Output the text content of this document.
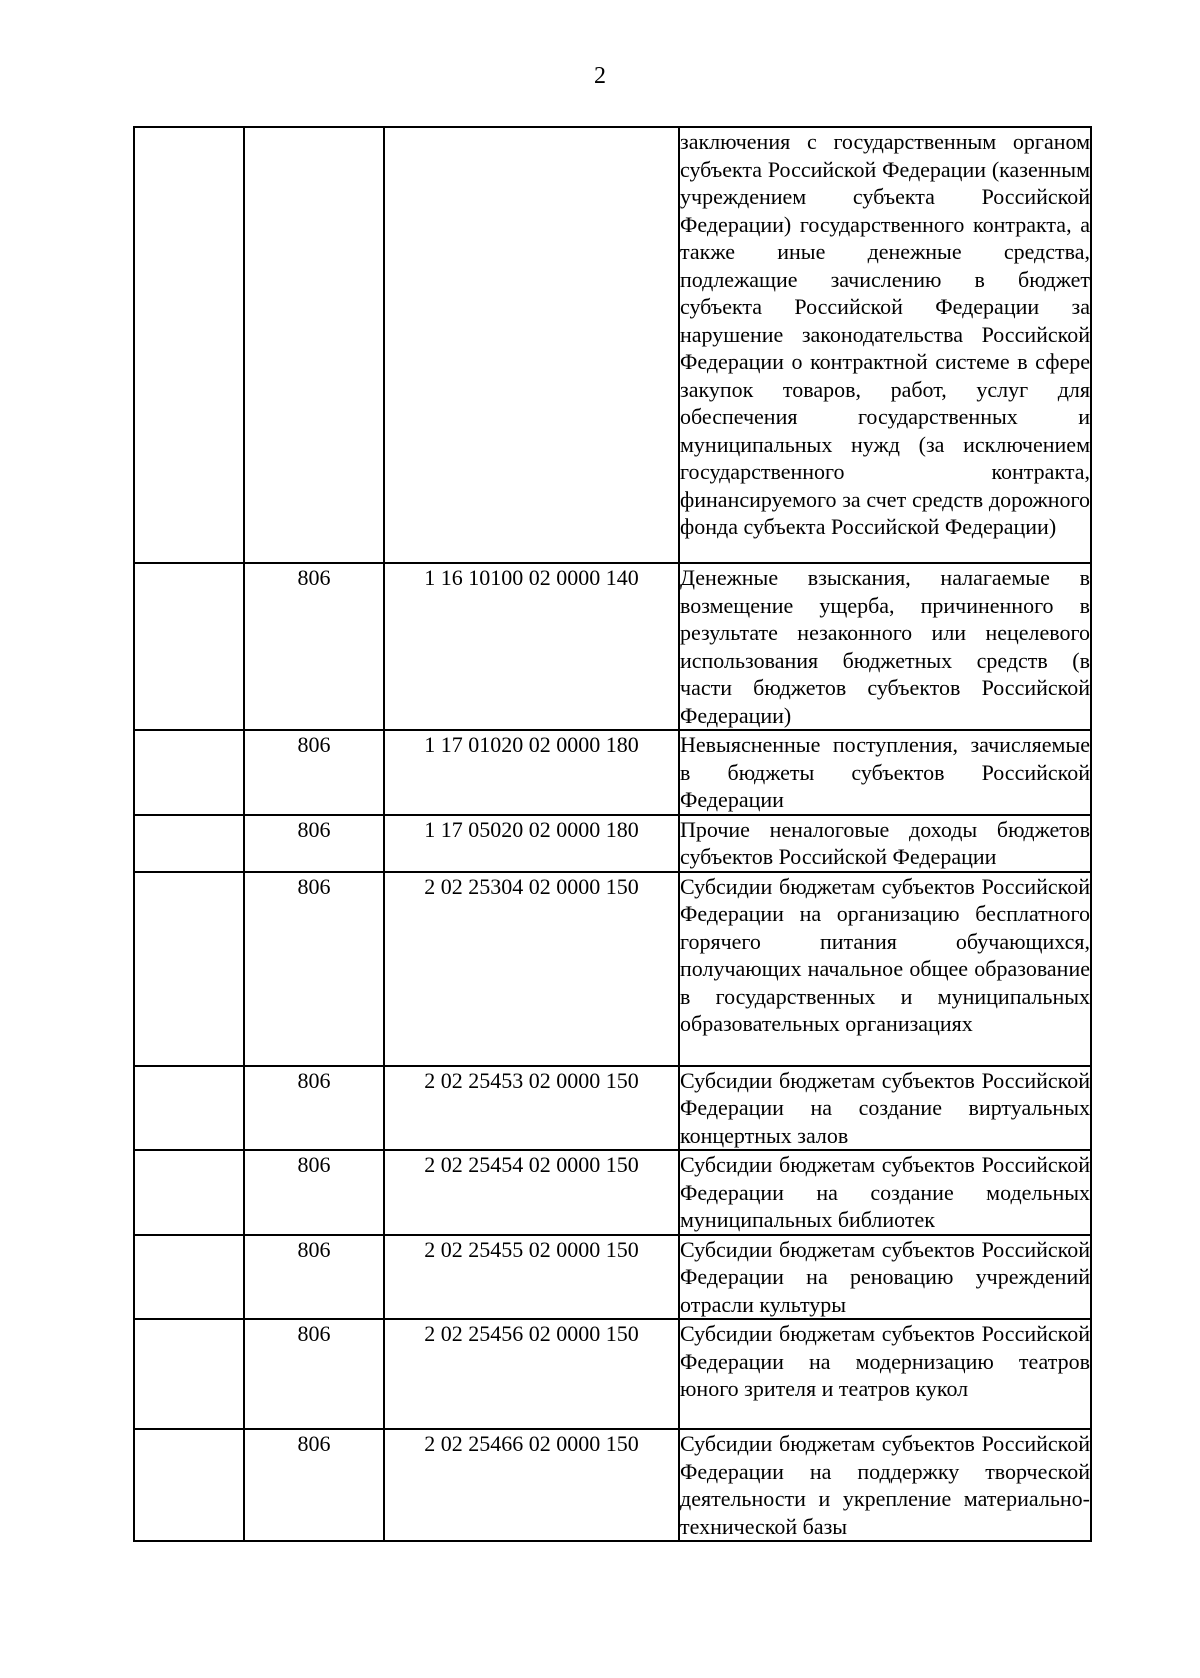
2
			заключения с государственным органом субъекта Российской Федерации (казенным учреждением субъекта Российской Федерации) государственного контракта, а также иные денежные средства, подлежащие зачислению в бюджет субъекта Российской Федерации за нарушение законодательства Российской Федерации о контрактной системе в сфере закупок товаров, работ, услуг для обеспечения государственных и муниципальных нужд (за исключением государственного контракта, финансируемого за счет средств дорожного фонда субъекта Российской Федерации)
	806	1 16 10100 02 0000 140	Денежные взыскания, налагаемые в возмещение ущерба, причиненного в результате незаконного или нецелевого использования бюджетных средств (в части бюджетов субъектов Российской Федерации)
	806	1 17 01020 02 0000 180	Невыясненные поступления, зачисляемые в бюджеты субъектов Российской Федерации
	806	1 17 05020 02 0000 180	Прочие неналоговые доходы бюджетов субъектов Российской Федерации
	806	2 02 25304 02 0000 150	Субсидии бюджетам субъектов Российской Федерации на организацию бесплатного горячего питания обучающихся, получающих начальное общее образование в государственных и муниципальных образовательных организациях
	806	2 02 25453 02 0000 150	Субсидии бюджетам субъектов Российской Федерации на создание виртуальных концертных залов
	806	2 02 25454 02 0000 150	Субсидии бюджетам субъектов Российской Федерации на создание модельных муниципальных библиотек
	806	2 02 25455 02 0000 150	Субсидии бюджетам субъектов Российской Федерации на реновацию учреждений отрасли культуры
	806	2 02 25456 02 0000 150	Субсидии бюджетам субъектов Российской Федерации на модернизацию театров юного зрителя и театров кукол
	806	2 02 25466 02 0000 150	Субсидии бюджетам субъектов Российской Федерации на поддержку творческой деятельности и укрепление материально-технической базы
